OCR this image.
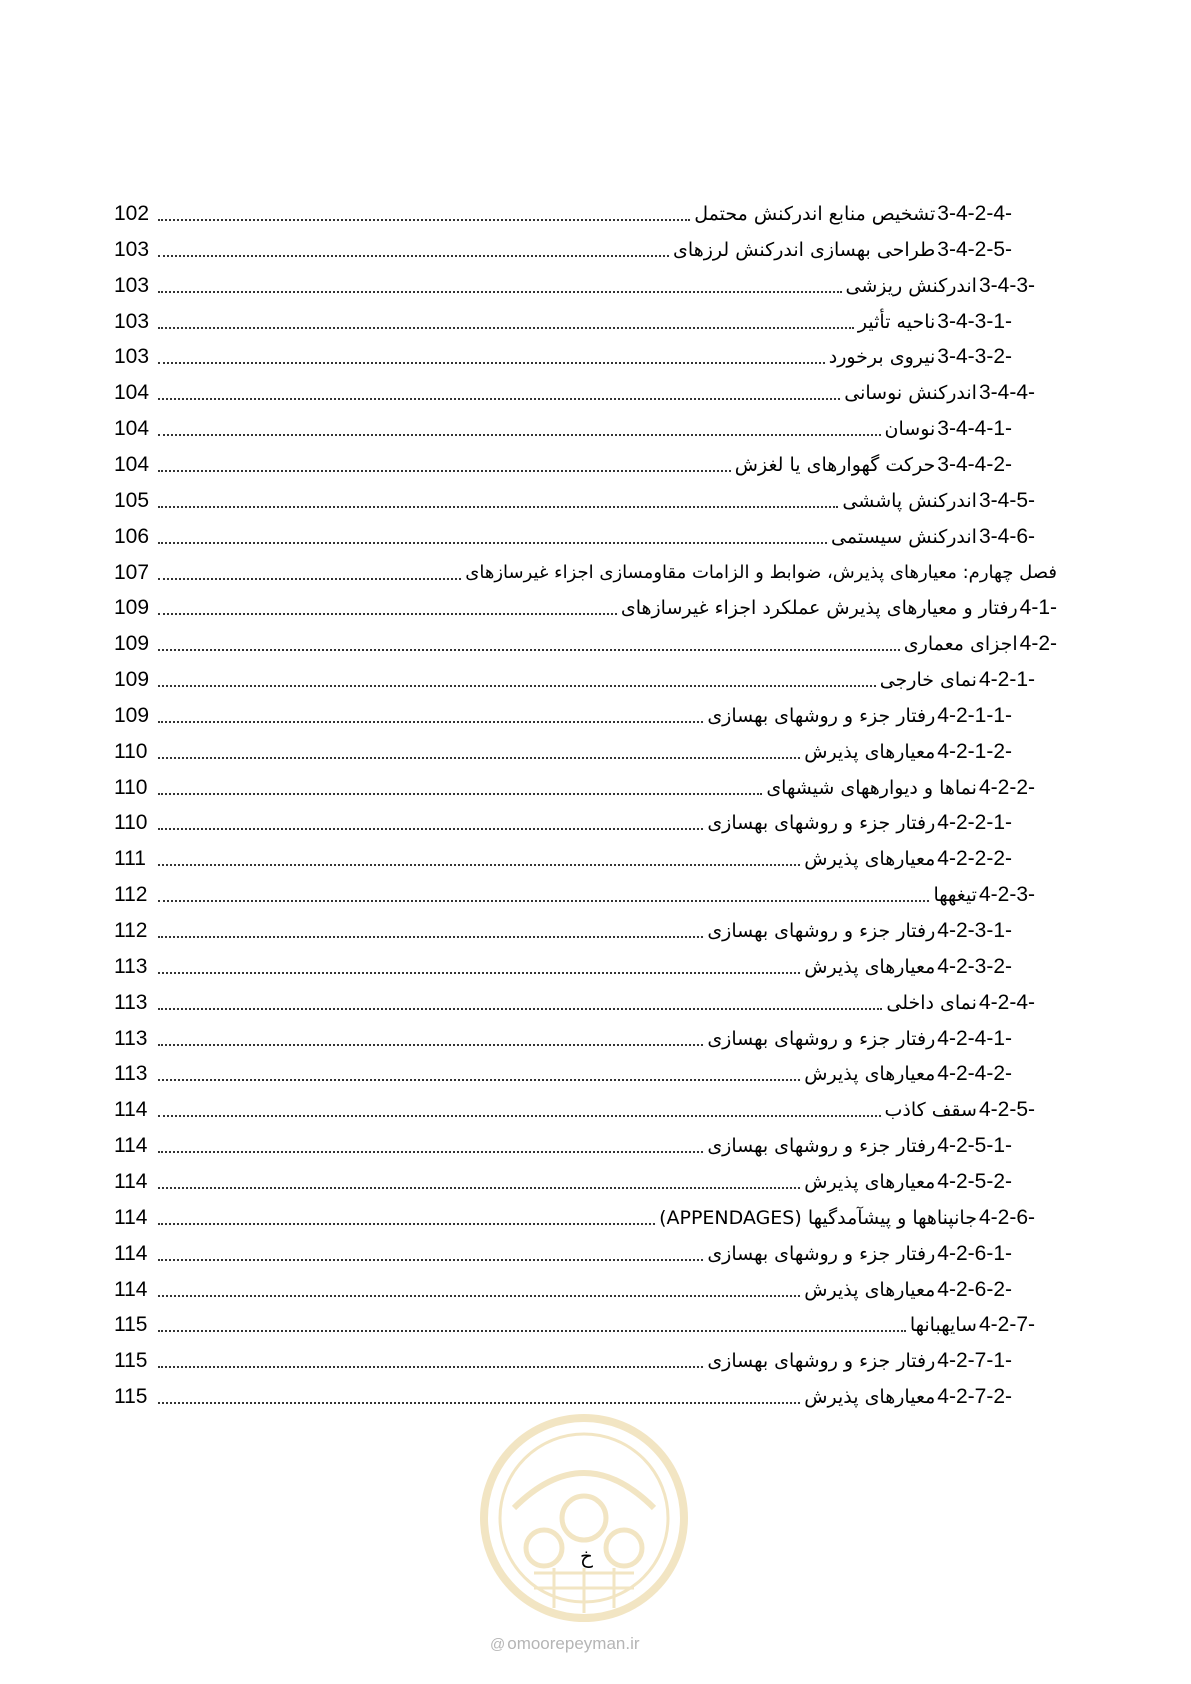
102	تشخیص منابع اندرکنش محتمل 3-4-2-4-
103	طراحی بهسازی اندرکنش لرزهای 3-4-2-5-
103	اندرکنش ریزشی 3-4-3-
103	ناحیه تأثیر 3-4-3-1-
103	نیروی برخورد 3-4-3-2-
104	اندرکنش نوسانی 3-4-4-
104	نوسان 3-4-4-1-
104	حرکت گهوارهای یا لغزش 3-4-4-2-
105	اندرکنش پاششی 3-4-5-
106	اندرکنش سیستمی 3-4-6-
107	فصل چهارم: معیارهای پذیرش، ضوابط و الزامات مقاومسازی اجزاء غیرسازهای
109	رفتار و معیارهای پذیرش عملکرد اجزاء غیرسازهای 4-1-
109	اجزای معماری 4-2-
109	نمای خارجی 4-2-1-
109	رفتار جزء و روشهای بهسازی 4-2-1-1-
110	معیارهای پذیرش 4-2-1-2-
110	نماها و دیوارههای شیشهای 4-2-2-
110	رفتار جزء و روشهای بهسازی 4-2-2-1-
111	معیارهای پذیرش 4-2-2-2-
112	تیغهها 4-2-3-
112	رفتار جزء و روشهای بهسازی 4-2-3-1-
113	معیارهای پذیرش 4-2-3-2-
113	نمای داخلی 4-2-4-
113	رفتار جزء و روشهای بهسازی 4-2-4-1-
113	معیارهای پذیرش 4-2-4-2-
114	سقف کاذب 4-2-5-
114	رفتار جزء و روشهای بهسازی 4-2-5-1-
114	معیارهای پذیرش 4-2-5-2-
114	جانپناهها و پیشآمدگیها (APPENDAGES) 4-2-6-
114	رفتار جزء و روشهای بهسازی 4-2-6-1-
114	معیارهای پذیرش 4-2-6-2-
115	سایهبانها 4-2-7-
115	رفتار جزء و روشهای بهسازی 4-2-7-1-
115	معیارهای پذیرش 4-2-7-2-
خ
@ omoorepeyman.ir
